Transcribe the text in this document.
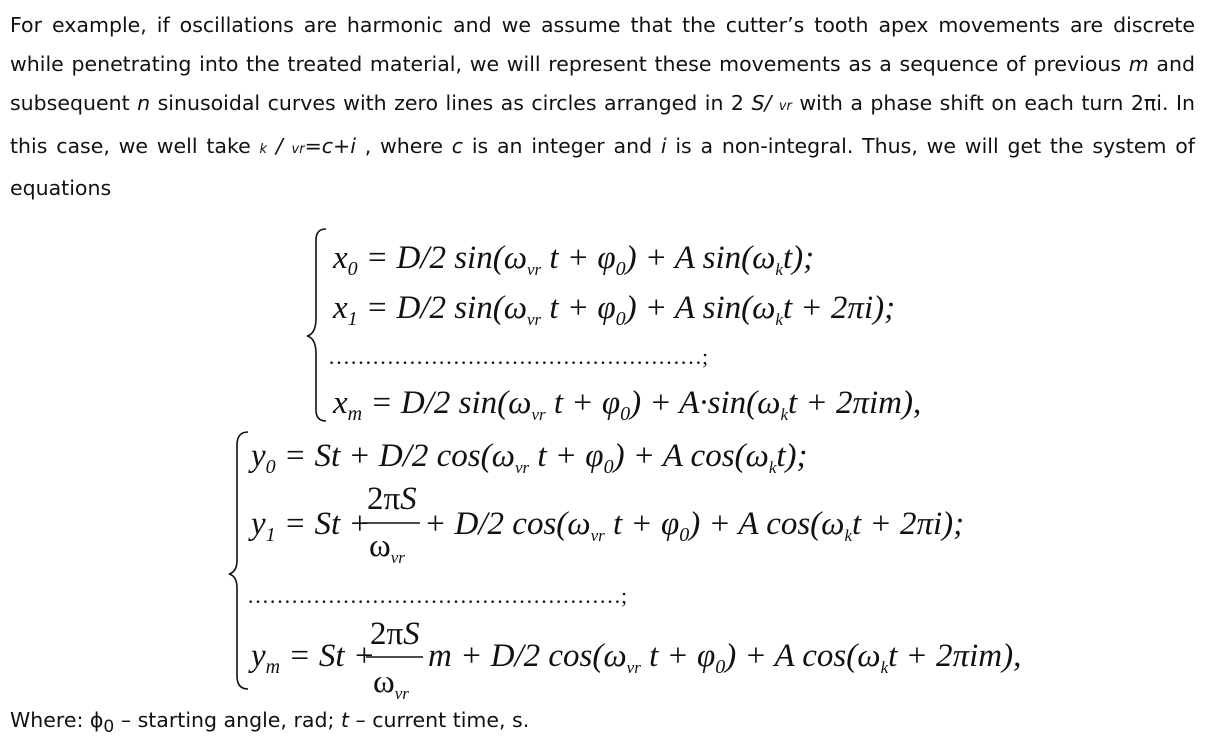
For example, if oscillations are harmonic and we assume that the cutter’s tooth apex movements are discrete while penetrating into the treated material, we will represent these movements as a sequence of previous m and subsequent n sinusoidal curves with zero lines as circles arranged in 2 S/ vr with a phase shift on each turn 2πi. In this case, we well take k / vr=c+i , where c is an integer and i is a non-integral. Thus, we will get the system of equations
$x_0 = D/2$ $\sin(\omega_{vr}$ $t + \varphi_0) + A$ $\sin(\omega_kt)$;
$x_1 = D/2$ $\sin(\omega_{vr}$ $t + \varphi_0) + A$ $\sin(\omega_kt + 2\pi i)$;
……………………………………………;
$x_m = D/2$ $\sin(\omega_{vr}$ $t + \varphi_0) + A\cdot\sin(\omega_kt + 2\pi im)$,
$y_0 = St + D/2$ $\cos(\omega_{vr}$ $t + \varphi_0) + A$ $\cos(\omega_kt)$;
$y_1 = St$ +
2πS
$\omega_{vr}$
+ D/2 $\cos(\omega_{vr}$ $t + \varphi_0) + A$ $\cos(\omega_kt + 2\pi i)$;
……………………………………………;
$y_m = St$ +
2πS
$\omega_{vr}$
m + D/2 $\cos(\omega_{vr}$ $t + \varphi_0) + A$ $\cos(\omega_kt + 2\pi im)$,
Where: $\phi_0$ – starting angle, rad; t – current time, s.
